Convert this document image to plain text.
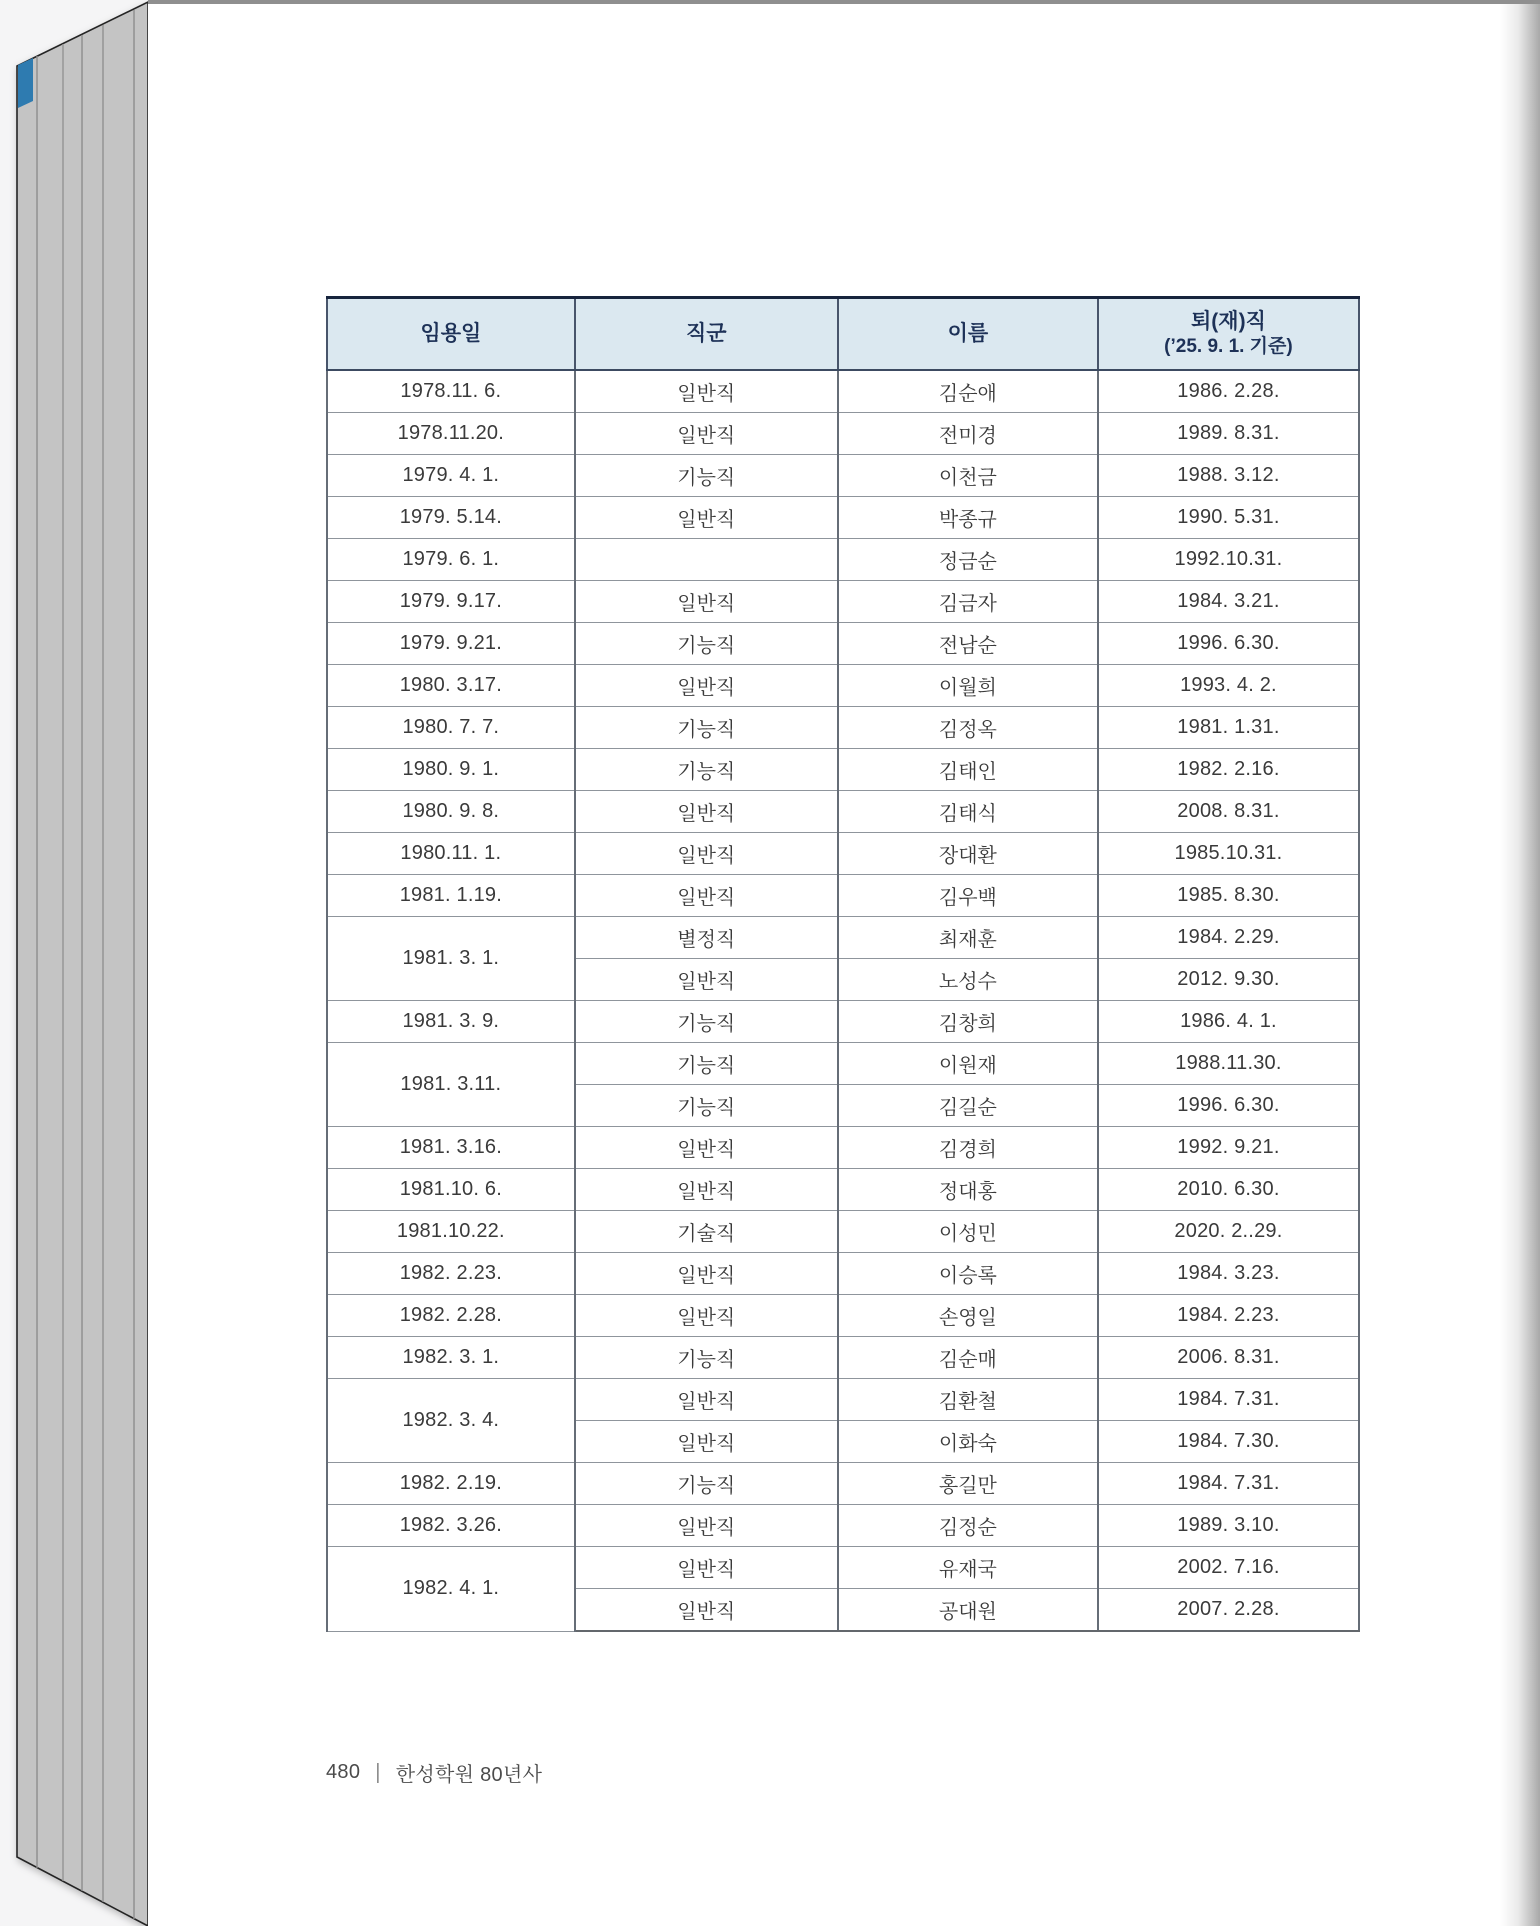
임용일	직군	이름	퇴(재)직
(’25. 9. 1. 기준)

1978.11. 6.	일반직	김순애	1986. 2.28.
1978.11.20.	일반직	전미경	1989. 8.31.
1979. 4. 1.	기능직	이천금	1988. 3.12.
1979. 5.14.	일반직	박종규	1990. 5.31.
1979. 6. 1.		정금순	1992.10.31.
1979. 9.17.	일반직	김금자	1984. 3.21.
1979. 9.21.	기능직	전남순	1996. 6.30.
1980. 3.17.	일반직	이월희	1993. 4. 2.
1980. 7. 7.	기능직	김정옥	1981. 1.31.
1980. 9. 1.	기능직	김태인	1982. 2.16.
1980. 9. 8.	일반직	김태식	2008. 8.31.
1980.11. 1.	일반직	장대환	1985.10.31.
1981. 1.19.	일반직	김우백	1985. 8.30.
1981. 3. 1.	별정직	최재훈	1984. 2.29.
	일반직	노성수	2012. 9.30.
1981. 3. 9.	기능직	김창희	1986. 4. 1.
1981. 3.11.	기능직	이원재	1988.11.30.
	기능직	김길순	1996. 6.30.
1981. 3.16.	일반직	김경희	1992. 9.21.
1981.10. 6.	일반직	정대홍	2010. 6.30.
1981.10.22.	기술직	이성민	2020. 2..29.
1982. 2.23.	일반직	이승록	1984. 3.23.
1982. 2.28.	일반직	손영일	1984. 2.23.
1982. 3. 1.	기능직	김순매	2006. 8.31.
1982. 3. 4.	일반직	김환철	1984. 7.31.
	일반직	이화숙	1984. 7.30.
1982. 2.19.	기능직	홍길만	1984. 7.31.
1982. 3.26.	일반직	김정순	1989. 3.10.
1982. 4. 1.	일반직	유재국	2002. 7.16.
	일반직	공대원	2007. 2.28.
480 | 한성학원 80년사
